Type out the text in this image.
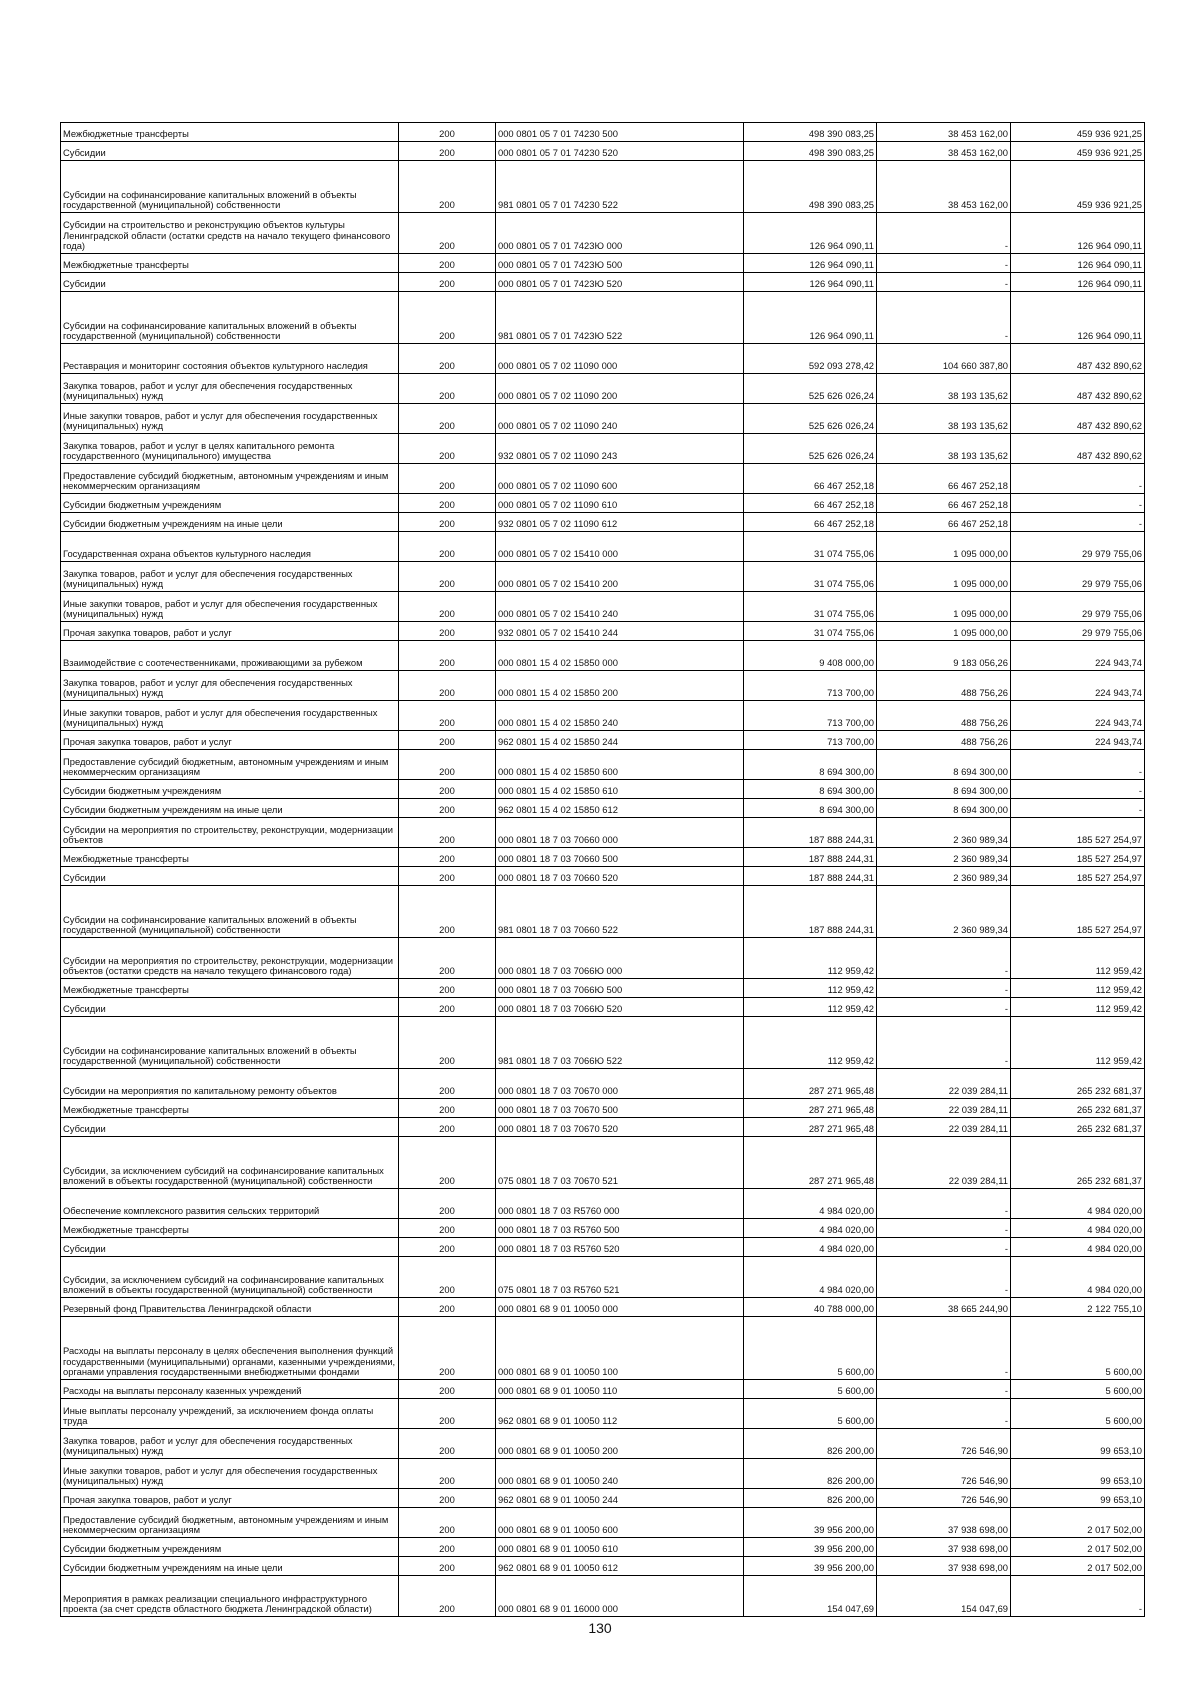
Межбюджетные трансферты	200	000 0801 05 7 01 74230 500	498 390 083,25	38 453 162,00	459 936 921,25
Субсидии	200	000 0801 05 7 01 74230 520	498 390 083,25	38 453 162,00	459 936 921,25
Субсидии на софинансирование капитальных вложений в объекты государственной (муниципальной) собственности	200	981 0801 05 7 01 74230 522	498 390 083,25	38 453 162,00	459 936 921,25
Субсидии на строительство и реконструкцию объектов культуры Ленинградской области (остатки средств на начало текущего финансового года)	200	000 0801 05 7 01 7423Ю 000	126 964 090,11	-	126 964 090,11
Межбюджетные трансферты	200	000 0801 05 7 01 7423Ю 500	126 964 090,11	-	126 964 090,11
Субсидии	200	000 0801 05 7 01 7423Ю 520	126 964 090,11	-	126 964 090,11
Субсидии на софинансирование капитальных вложений в объекты государственной (муниципальной) собственности	200	981 0801 05 7 01 7423Ю 522	126 964 090,11	-	126 964 090,11
Реставрация и мониторинг состояния объектов культурного наследия	200	000 0801 05 7 02 11090 000	592 093 278,42	104 660 387,80	487 432 890,62
Закупка товаров, работ и услуг для обеспечения государственных (муниципальных) нужд	200	000 0801 05 7 02 11090 200	525 626 026,24	38 193 135,62	487 432 890,62
Иные закупки товаров, работ и услуг для обеспечения государственных (муниципальных) нужд	200	000 0801 05 7 02 11090 240	525 626 026,24	38 193 135,62	487 432 890,62
Закупка товаров, работ и услуг в целях капитального ремонта государственного (муниципального) имущества	200	932 0801 05 7 02 11090 243	525 626 026,24	38 193 135,62	487 432 890,62
Предоставление субсидий бюджетным, автономным учреждениям и иным некоммерческим организациям	200	000 0801 05 7 02 11090 600	66 467 252,18	66 467 252,18	-
Субсидии бюджетным учреждениям	200	000 0801 05 7 02 11090 610	66 467 252,18	66 467 252,18	-
Субсидии бюджетным учреждениям на иные цели	200	932 0801 05 7 02 11090 612	66 467 252,18	66 467 252,18	-
Государственная охрана объектов культурного наследия	200	000 0801 05 7 02 15410 000	31 074 755,06	1 095 000,00	29 979 755,06
Закупка товаров, работ и услуг для обеспечения государственных (муниципальных) нужд	200	000 0801 05 7 02 15410 200	31 074 755,06	1 095 000,00	29 979 755,06
Иные закупки товаров, работ и услуг для обеспечения государственных (муниципальных) нужд	200	000 0801 05 7 02 15410 240	31 074 755,06	1 095 000,00	29 979 755,06
Прочая закупка товаров, работ и услуг	200	932 0801 05 7 02 15410 244	31 074 755,06	1 095 000,00	29 979 755,06
Взаимодействие с соотечественниками, проживающими за рубежом	200	000 0801 15 4 02 15850 000	9 408 000,00	9 183 056,26	224 943,74
Закупка товаров, работ и услуг для обеспечения государственных (муниципальных) нужд	200	000 0801 15 4 02 15850 200	713 700,00	488 756,26	224 943,74
Иные закупки товаров, работ и услуг для обеспечения государственных (муниципальных) нужд	200	000 0801 15 4 02 15850 240	713 700,00	488 756,26	224 943,74
Прочая закупка товаров, работ и услуг	200	962 0801 15 4 02 15850 244	713 700,00	488 756,26	224 943,74
Предоставление субсидий бюджетным, автономным учреждениям и иным некоммерческим организациям	200	000 0801 15 4 02 15850 600	8 694 300,00	8 694 300,00	-
Субсидии бюджетным учреждениям	200	000 0801 15 4 02 15850 610	8 694 300,00	8 694 300,00	-
Субсидии бюджетным учреждениям на иные цели	200	962 0801 15 4 02 15850 612	8 694 300,00	8 694 300,00	-
Субсидии на мероприятия по строительству, реконструкции, модернизации объектов	200	000 0801 18 7 03 70660 000	187 888 244,31	2 360 989,34	185 527 254,97
Межбюджетные трансферты	200	000 0801 18 7 03 70660 500	187 888 244,31	2 360 989,34	185 527 254,97
Субсидии	200	000 0801 18 7 03 70660 520	187 888 244,31	2 360 989,34	185 527 254,97
Субсидии на софинансирование капитальных вложений в объекты государственной (муниципальной) собственности	200	981 0801 18 7 03 70660 522	187 888 244,31	2 360 989,34	185 527 254,97
Субсидии на мероприятия по строительству, реконструкции, модернизации объектов (остатки средств на начало текущего финансового года)	200	000 0801 18 7 03 7066Ю 000	112 959,42	-	112 959,42
Межбюджетные трансферты	200	000 0801 18 7 03 7066Ю 500	112 959,42	-	112 959,42
Субсидии	200	000 0801 18 7 03 7066Ю 520	112 959,42	-	112 959,42
Субсидии на софинансирование капитальных вложений в объекты государственной (муниципальной) собственности	200	981 0801 18 7 03 7066Ю 522	112 959,42	-	112 959,42
Субсидии на мероприятия по капитальному ремонту объектов	200	000 0801 18 7 03 70670 000	287 271 965,48	22 039 284,11	265 232 681,37
Межбюджетные трансферты	200	000 0801 18 7 03 70670 500	287 271 965,48	22 039 284,11	265 232 681,37
Субсидии	200	000 0801 18 7 03 70670 520	287 271 965,48	22 039 284,11	265 232 681,37
Субсидии, за исключением субсидий на софинансирование капитальных вложений в объекты государственной (муниципальной) собственности	200	075 0801 18 7 03 70670 521	287 271 965,48	22 039 284,11	265 232 681,37
Обеспечение комплексного развития сельских территорий	200	000 0801 18 7 03 R5760 000	4 984 020,00	-	4 984 020,00
Межбюджетные трансферты	200	000 0801 18 7 03 R5760 500	4 984 020,00	-	4 984 020,00
Субсидии	200	000 0801 18 7 03 R5760 520	4 984 020,00	-	4 984 020,00
Субсидии, за исключением субсидий на софинансирование капитальных вложений в объекты государственной (муниципальной) собственности	200	075 0801 18 7 03 R5760 521	4 984 020,00	-	4 984 020,00
Резервный фонд Правительства Ленинградской области	200	000 0801 68 9 01 10050 000	40 788 000,00	38 665 244,90	2 122 755,10
Расходы на выплаты персоналу в целях обеспечения выполнения функций государственными (муниципальными) органами, казенными учреждениями, органами управления государственными внебюджетными фондами	200	000 0801 68 9 01 10050 100	5 600,00	-	5 600,00
Расходы на выплаты персоналу казенных учреждений	200	000 0801 68 9 01 10050 110	5 600,00	-	5 600,00
Иные выплаты персоналу учреждений, за исключением фонда оплаты труда	200	962 0801 68 9 01 10050 112	5 600,00	-	5 600,00
Закупка товаров, работ и услуг для обеспечения государственных (муниципальных) нужд	200	000 0801 68 9 01 10050 200	826 200,00	726 546,90	99 653,10
Иные закупки товаров, работ и услуг для обеспечения государственных (муниципальных) нужд	200	000 0801 68 9 01 10050 240	826 200,00	726 546,90	99 653,10
Прочая закупка товаров, работ и услуг	200	962 0801 68 9 01 10050 244	826 200,00	726 546,90	99 653,10
Предоставление субсидий бюджетным, автономным учреждениям и иным некоммерческим организациям	200	000 0801 68 9 01 10050 600	39 956 200,00	37 938 698,00	2 017 502,00
Субсидии бюджетным учреждениям	200	000 0801 68 9 01 10050 610	39 956 200,00	37 938 698,00	2 017 502,00
Субсидии бюджетным учреждениям на иные цели	200	962 0801 68 9 01 10050 612	39 956 200,00	37 938 698,00	2 017 502,00
Мероприятия в рамках реализации специального инфраструктурного проекта (за счет средств областного бюджета Ленинградской области)	200	000 0801 68 9 01 16000 000	154 047,69	154 047,69	-
130
